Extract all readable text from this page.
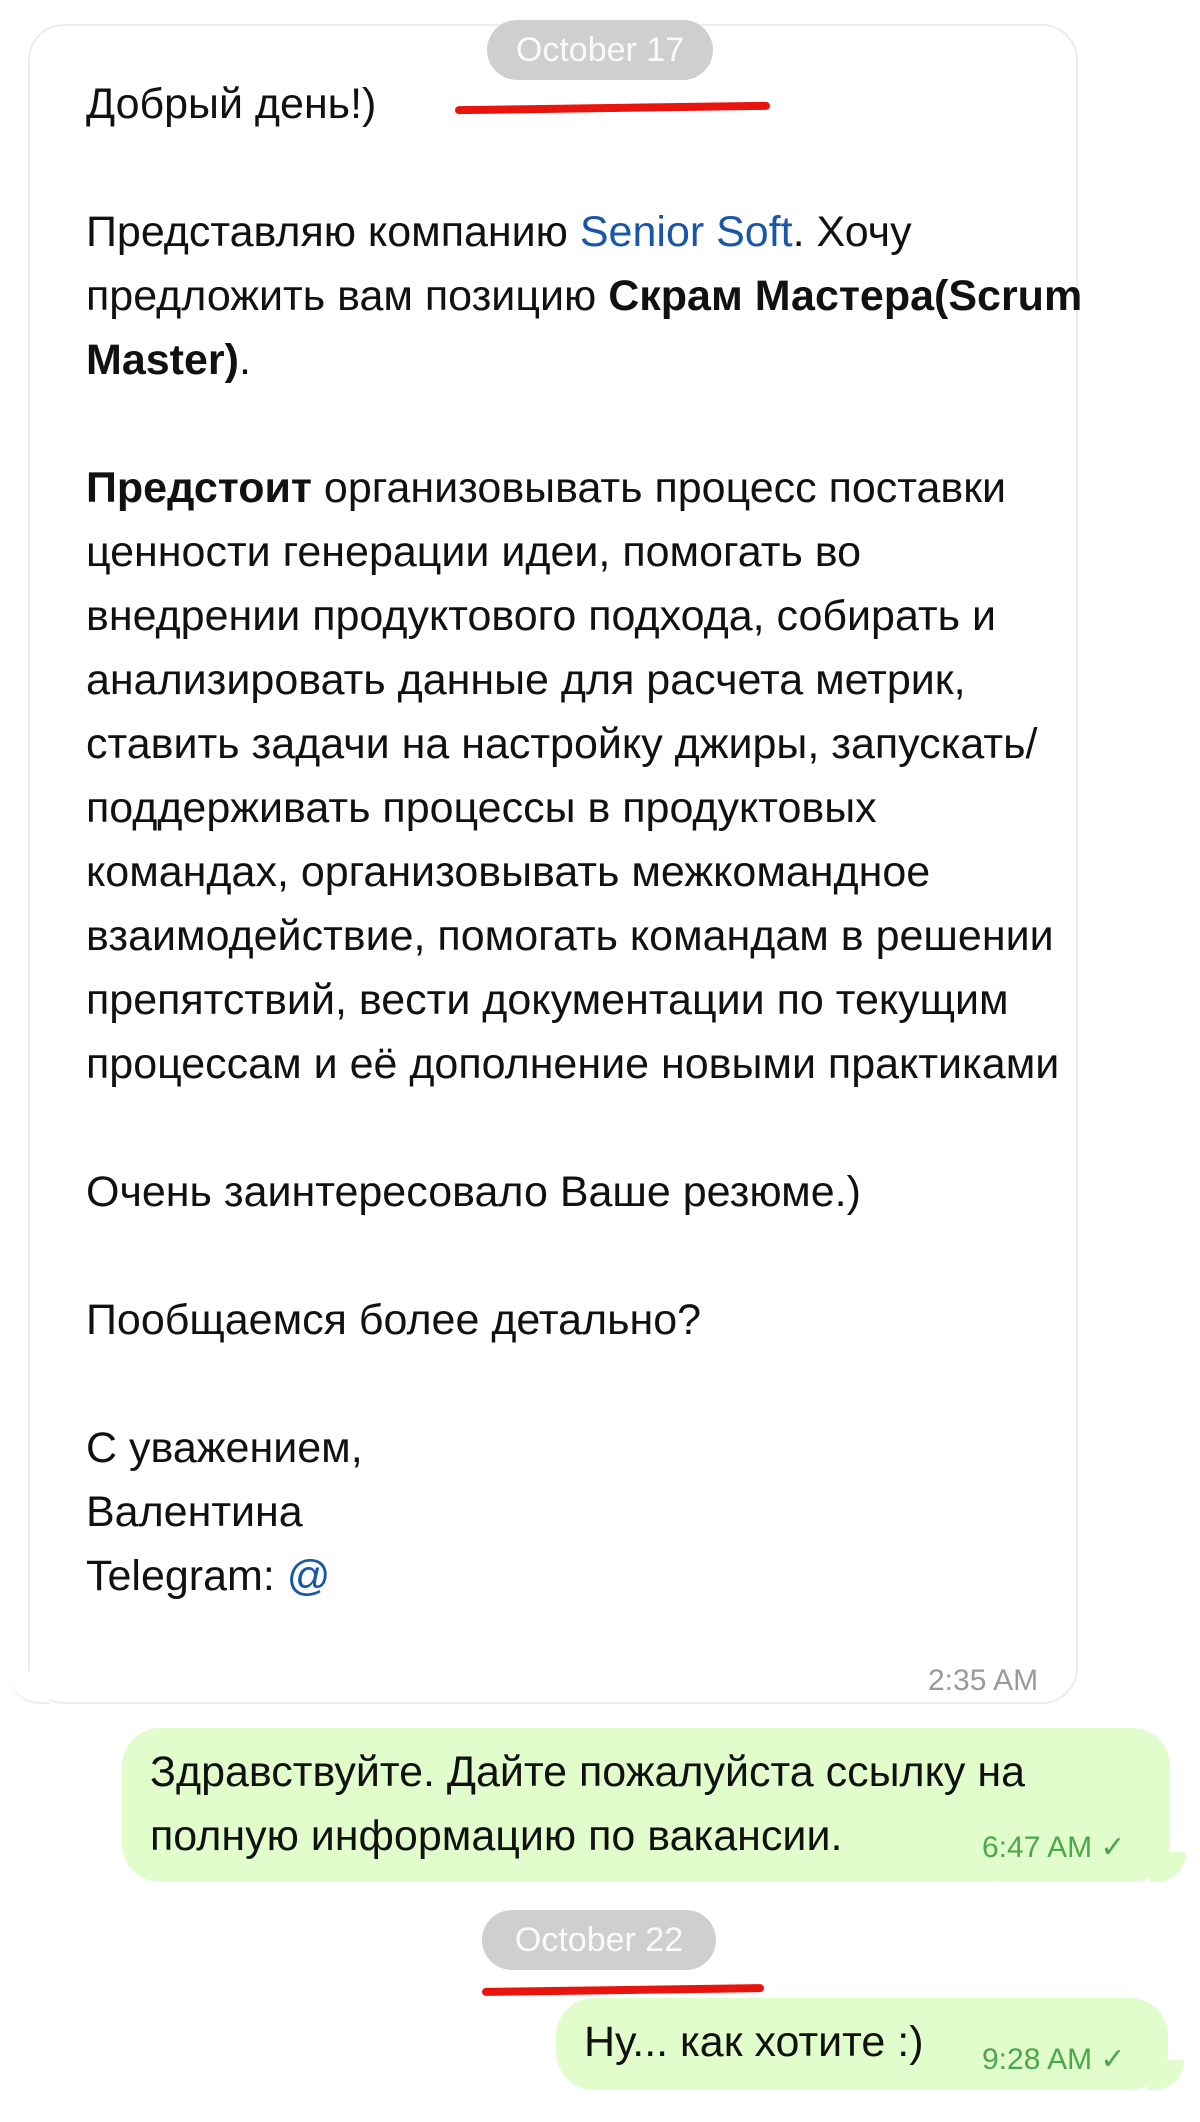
Добрый день!)

Представляю компанию Senior Soft. Хочу предложить вам позицию Скрам Мастера(Scrum Master).

Предстоит организовывать процесс поставки ценности генерации идеи, помогать во внедрении продуктового подхода, собирать и анализировать данные для расчета метрик, ставить задачи на настройку джиры, запускать/поддерживать процессы в продуктовых командах, организовывать межкомандное взаимодействие, помогать командам в решении препятствий, вести документации по текущим процессам и её дополнение новыми практиками

Очень заинтересовало Ваше резюме.)

Пообщаемся более детально?

С уважением,

Валентина

Telegram: @

2:35 AM
October 17
Здравствуйте. Дайте пожалуйста ссылку на полную информацию по вакансии.	6:47 AM ✓
October 22
Ну... как хотите :) 9:28 AM ✓
